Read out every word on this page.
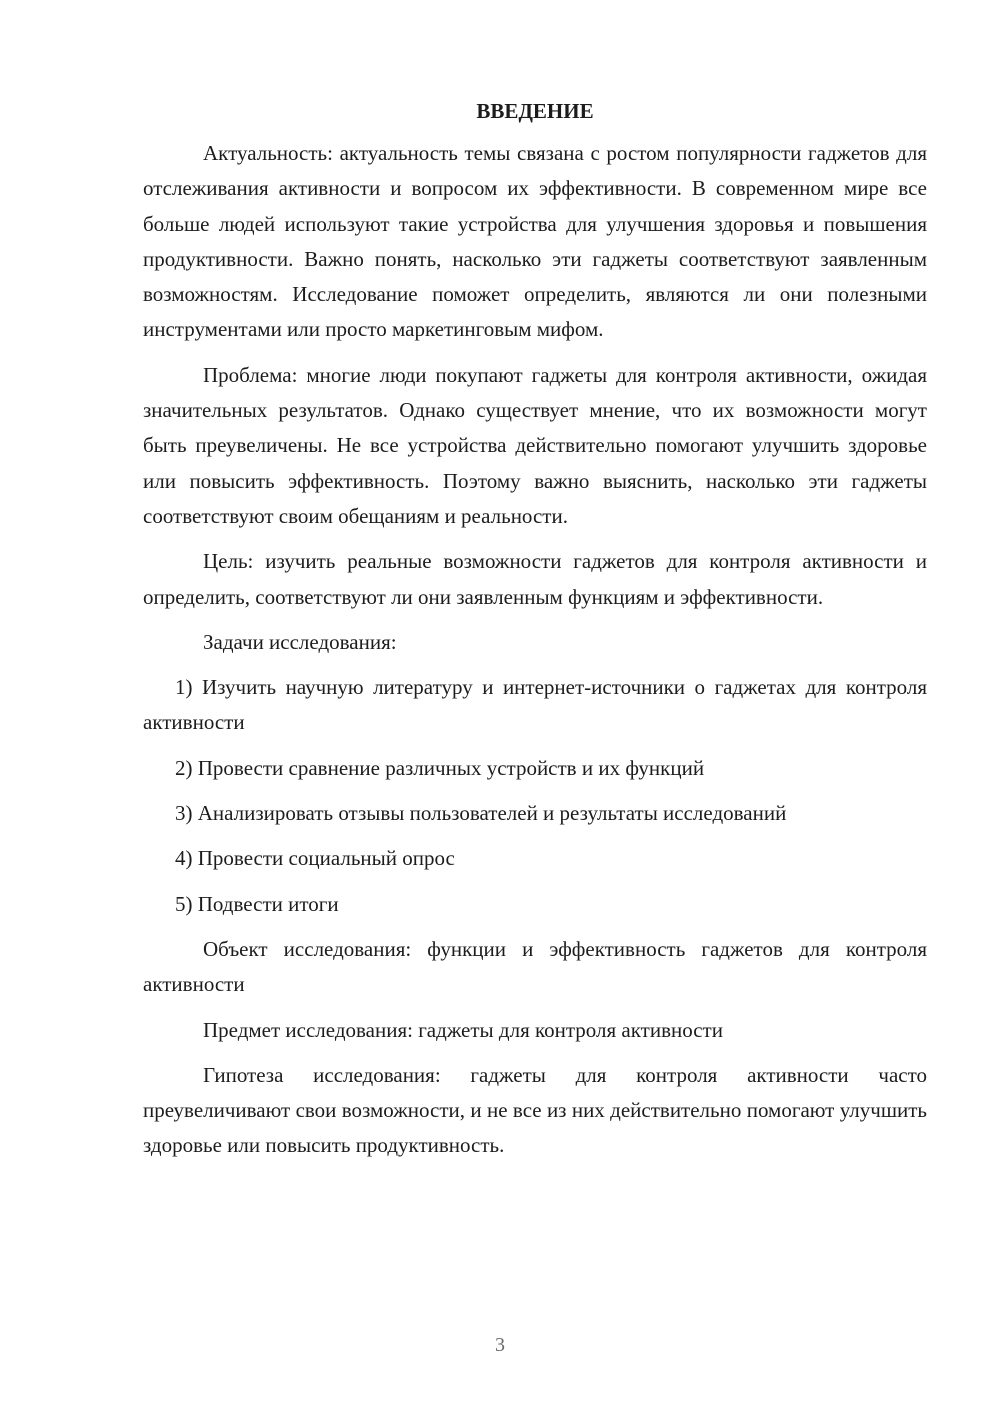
ВВЕДЕНИЕ

Актуальность: актуальность темы связана с ростом популярности гаджетов для отслеживания активности и вопросом их эффективности. В современном мире все больше людей используют такие устройства для улучшения здоровья и повышения продуктивности. Важно понять, насколько эти гаджеты соответствуют заявленным возможностям. Исследование поможет определить, являются ли они полезными инструментами или просто маркетинговым мифом.

Проблема: многие люди покупают гаджеты для контроля активности, ожидая значительных результатов. Однако существует мнение, что их возможности могут быть преувеличены. Не все устройства действительно помогают улучшить здоровье или повысить эффективность. Поэтому важно выяснить, насколько эти гаджеты соответствуют своим обещаниям и реальности.

Цель: изучить реальные возможности гаджетов для контроля активности и определить, соответствуют ли они заявленным функциям и эффективности.

Задачи исследования:

1) Изучить научную литературу и интернет-источники о гаджетах для контроля активности

2) Провести сравнение различных устройств и их функций

3) Анализировать отзывы пользователей и результаты исследований

4) Провести социальный опрос

5) Подвести итоги

Объект исследования: функции и эффективность гаджетов для контроля активности

Предмет исследования: гаджеты для контроля активности

Гипотеза исследования: гаджеты для контроля активности часто преувеличивают свои возможности, и не все из них действительно помогают улучшить здоровье или повысить продуктивность.

3
